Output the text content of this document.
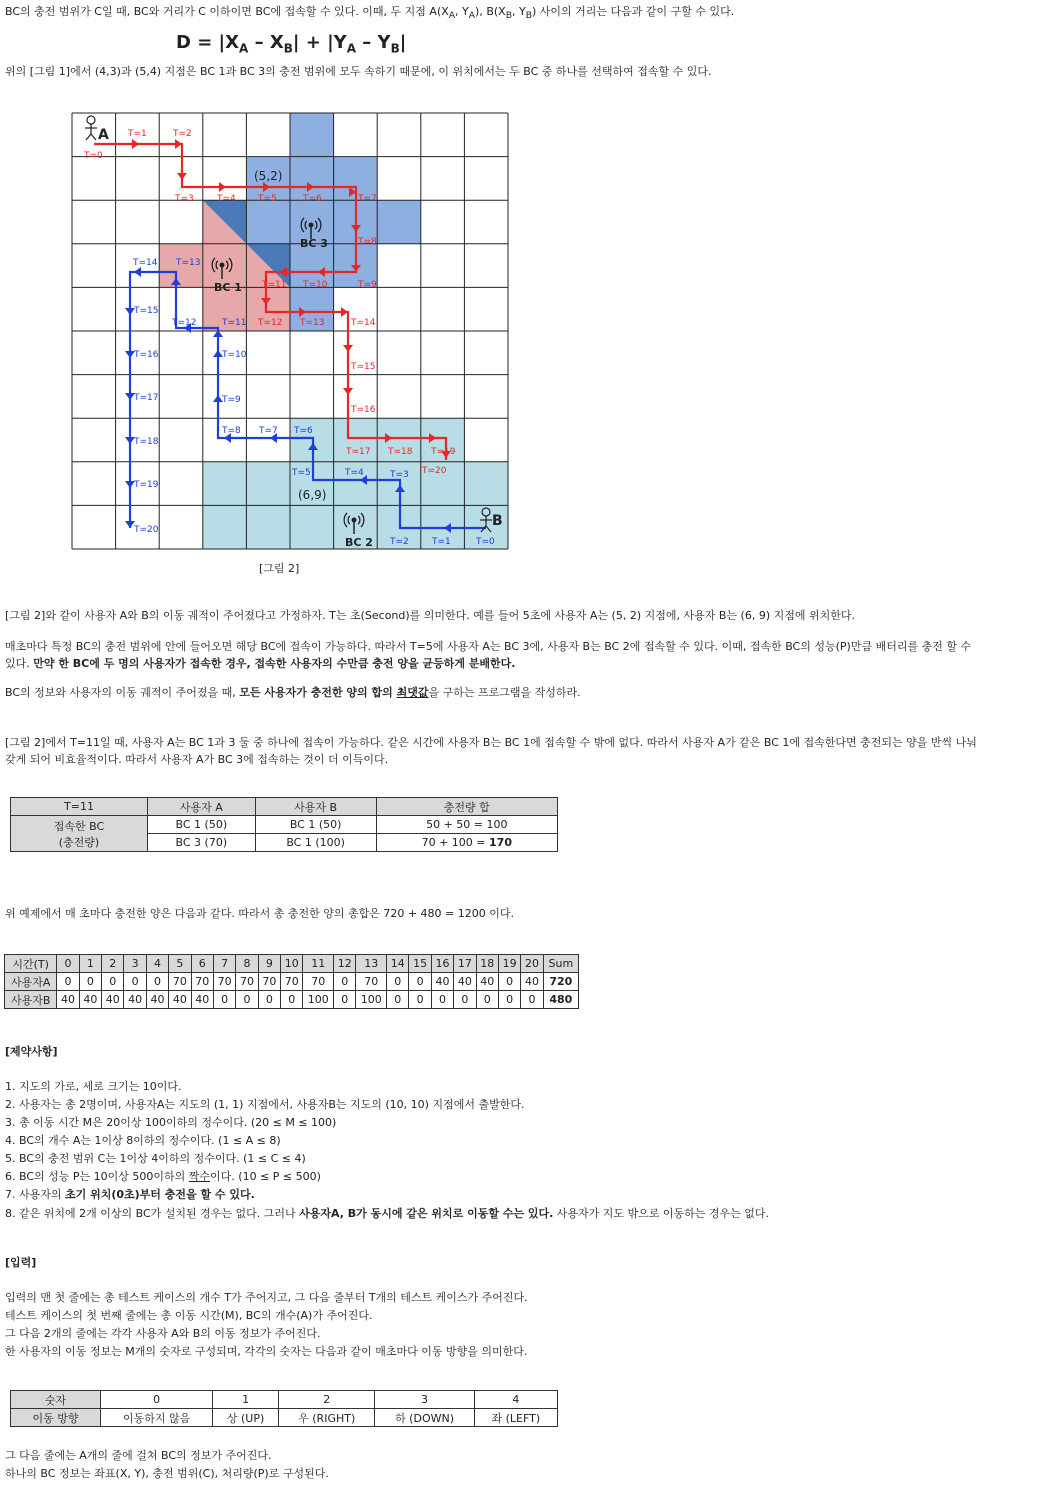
BC의 충전 범위가 C일 때, BC와 거리가 C 이하이면 BC에 접속할 수 있다. 이때, 두 지점 $A(X_A$, $Y_A$), $B(X_B$, $Y_B$) 사이의 거리는 다음과 같이 구할 수 있다.
$D = |X_A - X_B| + |Y_A - Y_B|$
위의 [그림 1]에서 (4,3)과 (5,4) 지점은 BC 1과 BC 3의 충전 범위에 모두 속하기 때문에, 이 위치에서는 두 BC 중 하나를 선택하여 접속할 수 있다.
T=0
T=1	T=2
T=3	T=4 T=5	T=6	T=7
T=8
T=9
T=10
T=11
T=12 T=13	T=14
T=15
T=16
T=17 T=18 T=19
T=20
T=0
T=1
T=2
T=3
T=4
T=5
T=6
T=7
T=8
T=9
T=10
T=11
T=12
T=13
T=14
T=15
T=16
T=17
T=18
T=19
T=20
A
B
BC 1
BC 3
BC 2
(5,2)
(6,9)
[그림 2]
[그림 2]와 같이 사용자 A와 B의 이동 궤적이 주어졌다고 가정하자. T는 초(Second)를 의미한다. 예를 들어 5초에 사용자 A는 (5, 2) 지점에, 사용자 B는 (6, 9) 지점에 위치한다.
매초마다 특정 BC의 충전 범위에 안에 들어오면 해당 BC에 접속이 가능하다. 따라서 T=5에 사용자 A는 BC 3에, 사용자 B는 BC 2에 접속할 수 있다. 이때, 접속한 BC의 성능(P)만큼 배터리를 충전 할 수
있다. 만약 한 BC에 두 명의 사용자가 접속한 경우, 접속한 사용자의 수만큼 충전 양을 균등하게 분배한다.
BC의 정보와 사용자의 이동 궤적이 주어졌을 때, 모든 사용자가 충전한 양의 합의 최댓값을 구하는 프로그램을 작성하라.
[그림 2]에서 T=11일 때, 사용자 A는 BC 1과 3 둘 중 하나에 접속이 가능하다. 같은 시간에 사용자 B는 BC 1에 접속할 수 밖에 없다. 따라서 사용자 A가 같은 BC 1에 접속한다면 충전되는 양을 반씩 나눠
갖게 되어 비효율적이다. 따라서 사용자 A가 BC 3에 접속하는 것이 더 이득이다.
T=11	사용자 A	사용자 B	충전량 합
접속한 BC
(충전량)	BC 1 (50)	BC 1 (50)	50 + 50 = 100
	BC 3 (70)	BC 1 (100)	70 + 100 = 170
위 예제에서 매 초마다 충전한 양은 다음과 같다. 따라서 총 충전한 양의 총합은 720 + 480 = 1200 이다.
시간(T)	0	1	2	3	4	5	6	7	8	9	10	11	12	13	14	15	16	17	18	19	20	Sum
사용자A	0	0	0	0	0	70	70	70	70	70	70	70	0	70	0	0	40	40	40	0	40	720
사용자B	40	40	40	40	40	40	40	0	0	0	0	100	0	100	0	0	0	0	0	0	0	480
[제약사항]
1. 지도의 가로, 세로 크기는 10이다.
2. 사용자는 총 2명이며, 사용자A는 지도의 (1, 1) 지점에서, 사용자B는 지도의 (10, 10) 지점에서 출발한다.
3. 총 이동 시간 M은 20이상 100이하의 정수이다. (20 ≤ M ≤ 100)
4. BC의 개수 A는 1이상 8이하의 정수이다. (1 ≤ A ≤ 8)
5. BC의 충전 범위 C는 1이상 4이하의 정수이다. (1 ≤ C ≤ 4)
6. BC의 성능 P는 10이상 500이하의 짝수이다. (10 ≤ P ≤ 500)
7. 사용자의 초기 위치(0초)부터 충전을 할 수 있다.
8. 같은 위치에 2개 이상의 BC가 설치된 경우는 없다. 그러나 사용자A, B가 동시에 같은 위치로 이동할 수는 있다. 사용자가 지도 밖으로 이동하는 경우는 없다.
[입력]
입력의 맨 첫 줄에는 총 테스트 케이스의 개수 T가 주어지고, 그 다음 줄부터 T개의 테스트 케이스가 주어진다.
테스트 케이스의 첫 번째 줄에는 총 이동 시간(M), BC의 개수(A)가 주어진다.
그 다음 2개의 줄에는 각각 사용자 A와 B의 이동 정보가 주어진다.
한 사용자의 이동 정보는 M개의 숫자로 구성되며, 각각의 숫자는 다음과 같이 매초마다 이동 방향을 의미한다.
숫자	0	1	2	3	4
이동 방향	이동하지 않음	상 (UP)	우 (RIGHT)	하 (DOWN)	좌 (LEFT)
그 다음 줄에는 A개의 줄에 걸쳐 BC의 정보가 주어진다.
하나의 BC 정보는 좌표(X, Y), 충전 범위(C), 처리량(P)로 구성된다.
